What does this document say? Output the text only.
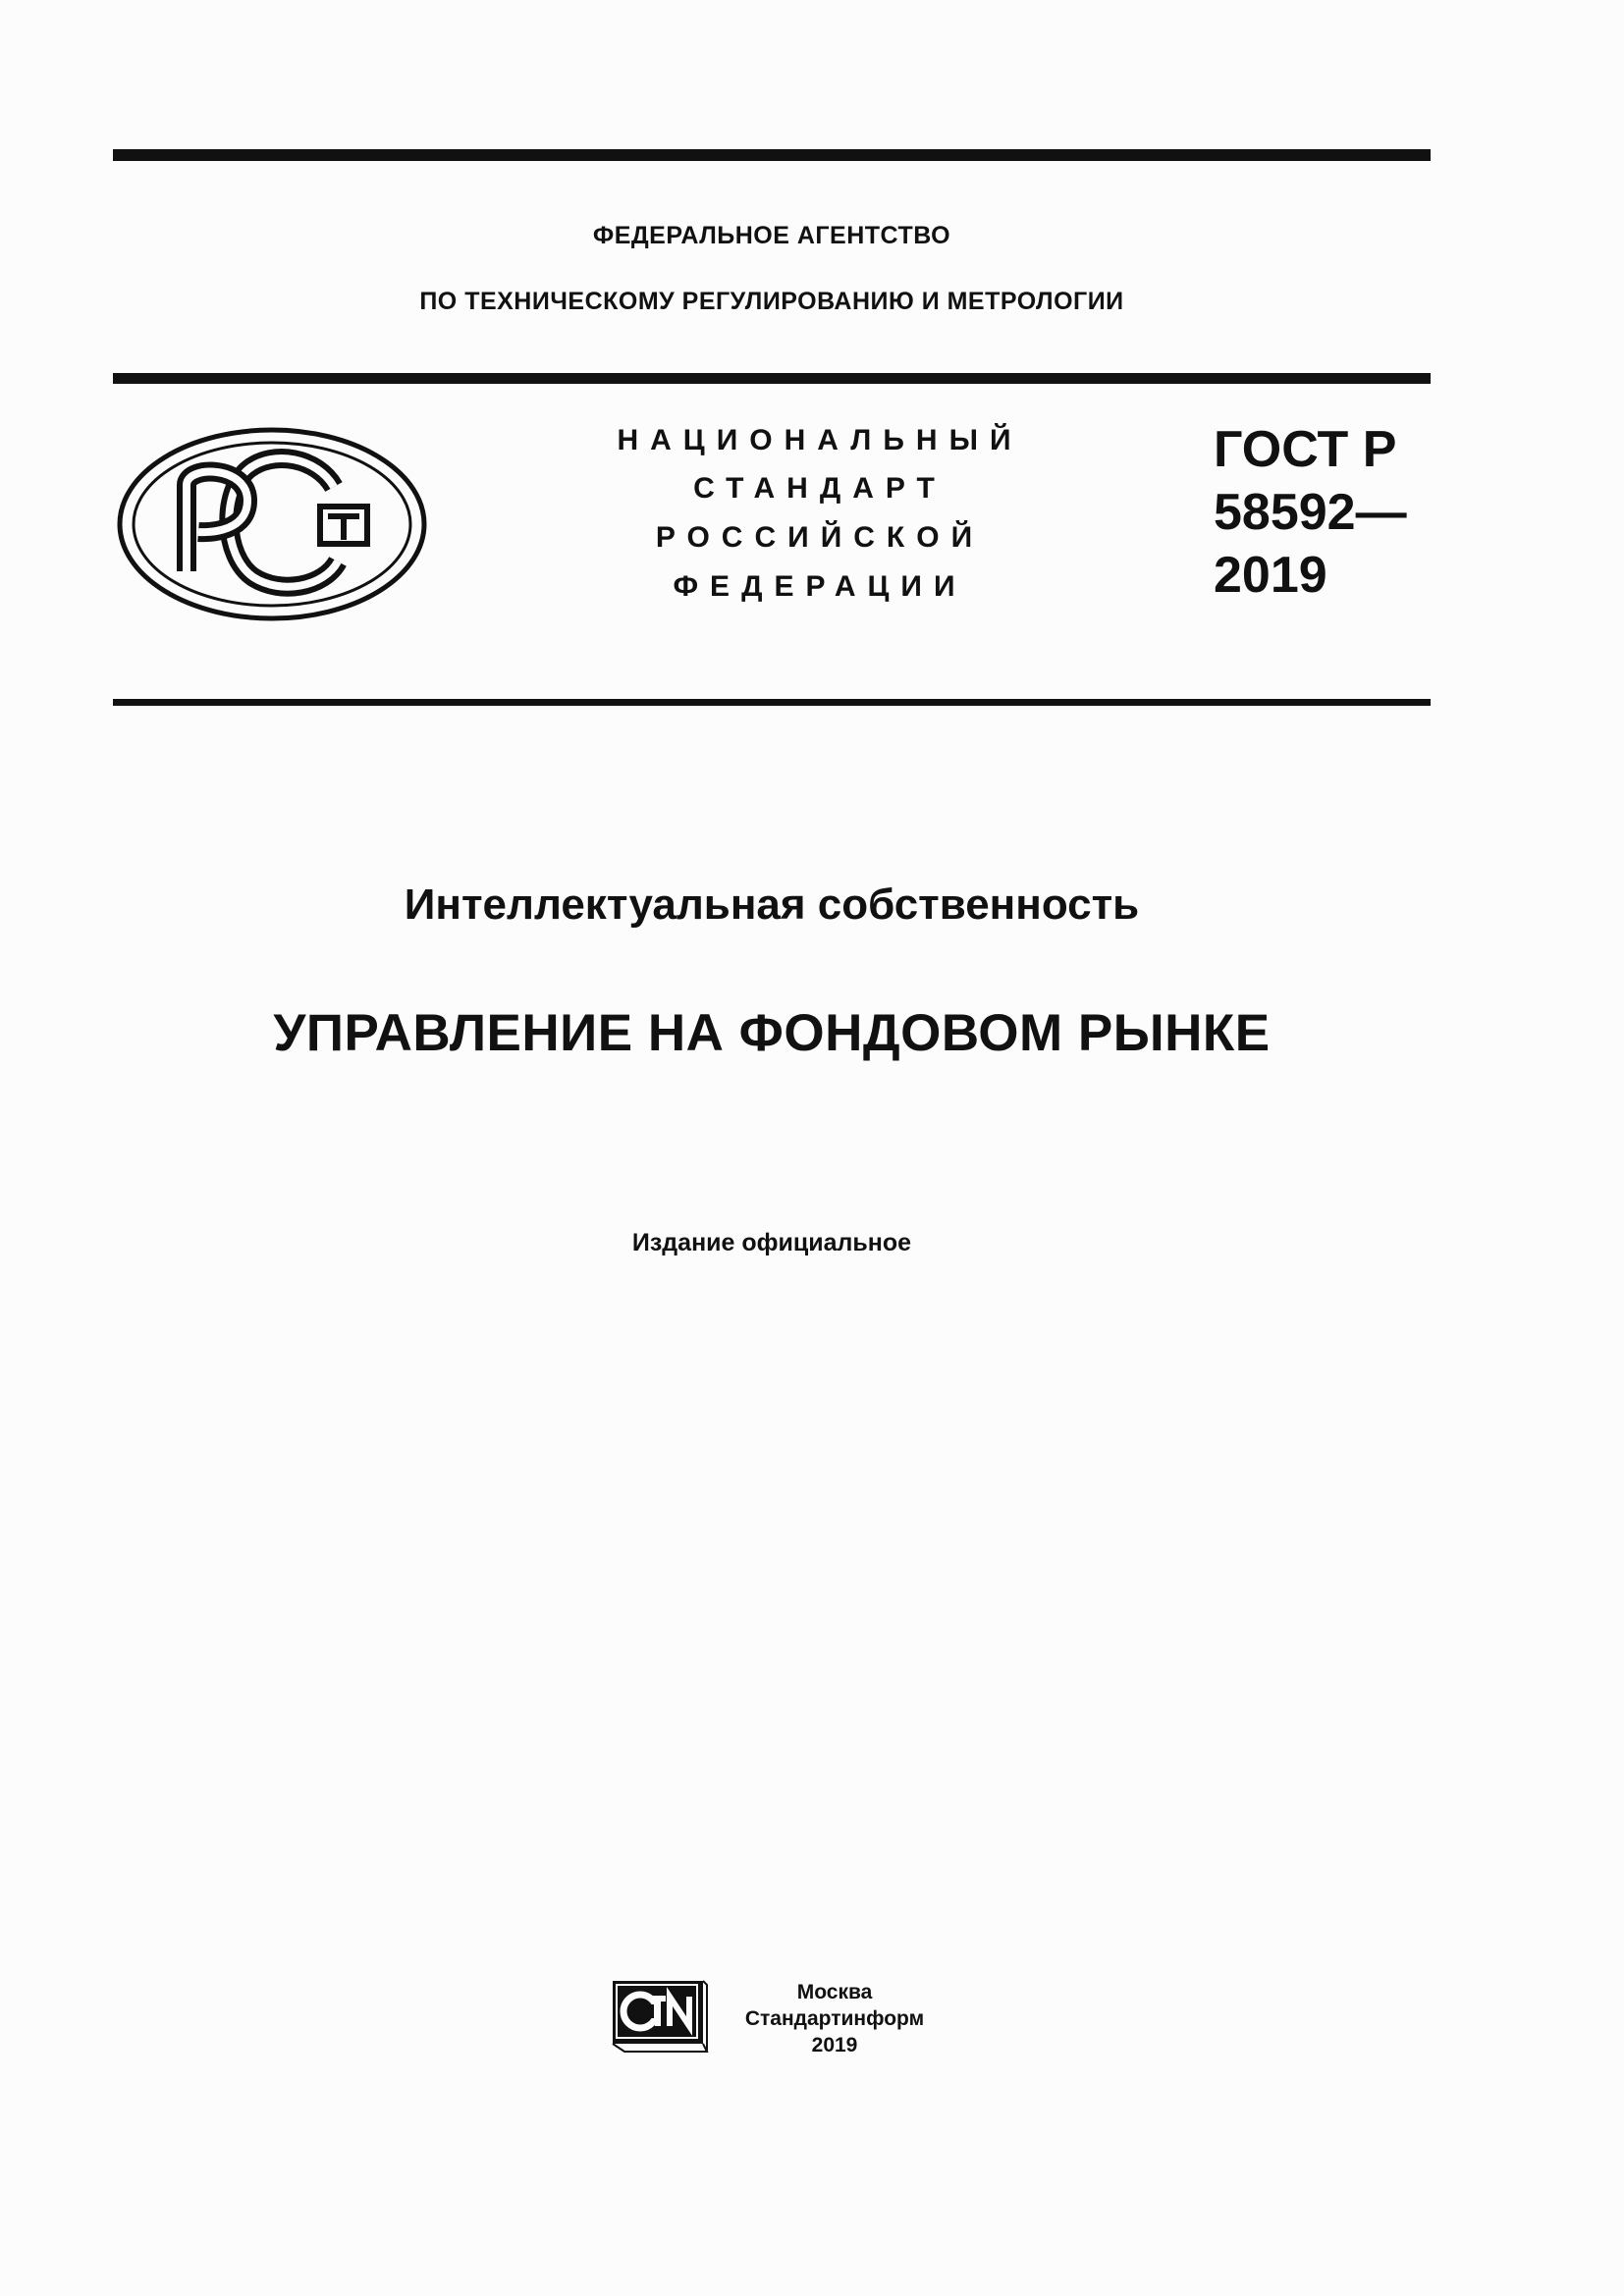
ФЕДЕРАЛЬНОЕ АГЕНТСТВО
ПО ТЕХНИЧЕСКОМУ РЕГУЛИРОВАНИЮ И МЕТРОЛОГИИ
НАЦИОНАЛЬНЫЙ
СТАНДАРТ
РОССИЙСКОЙ
ФЕДЕРАЦИИ
ГОСТ Р
58592—
2019
Интеллектуальная собственность
УПРАВЛЕНИЕ НА ФОНДОВОМ РЫНКЕ
Издание официальное
Москва
Стандартинформ
2019
